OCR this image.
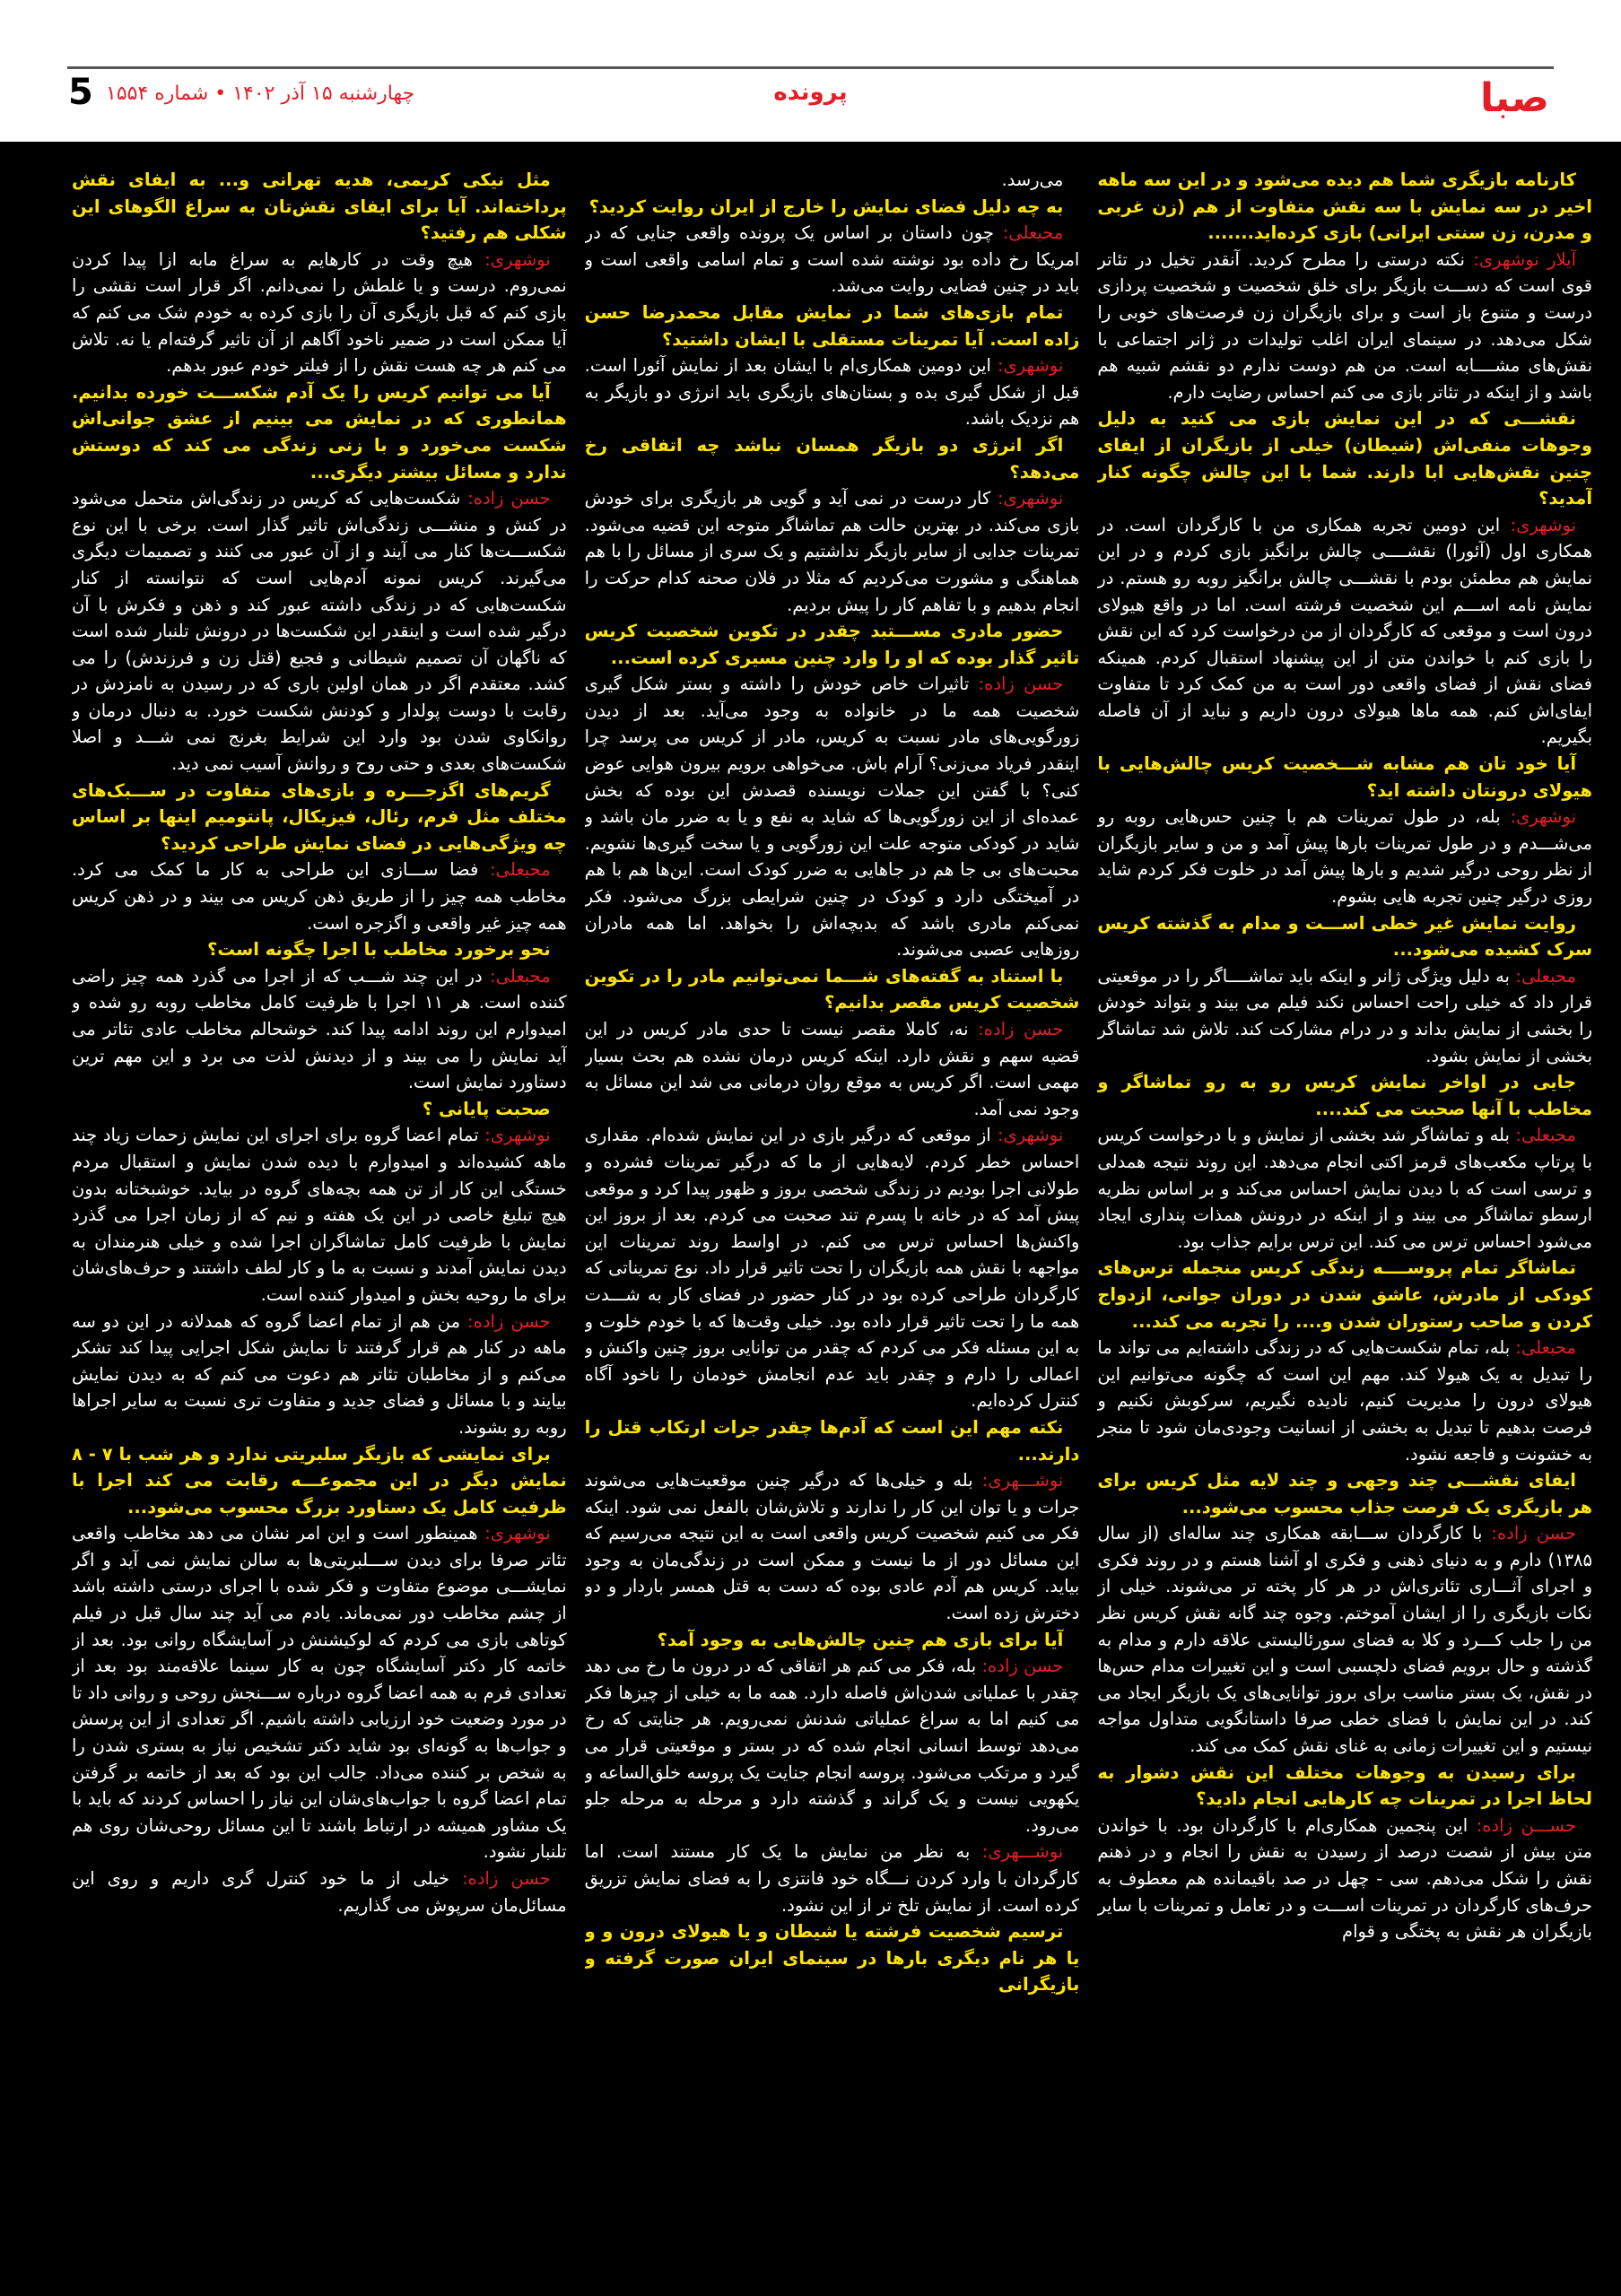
صبا
پرونده
چهارشنبه ۱۵ آذر ۱۴۰۲ • شماره ۱۵۵۴
5

کارنامه بازیگری شما هم دیده می‌شود و در این سه ماهه اخیر در سه نمایش با سه نقش متفاوت از هم (زن غربی و مدرن، زن سنتی ایرانی) بازی کرده‌اید.......

آیلار نوشهری: نکته درستی را مطرح کردید. آنقدر تخیل در تئاتر قوی است که دســـت بازیگر برای خلق شخصیت و شخصیت پردازی درست و متنوع باز است و برای بازیگران زن فرصت‌های خوبی را شکل می‌دهد. در سینمای ایران اغلب تولیدات در ژانر اجتماعی با نقش‌های مشــــابه است. من هم دوست ندارم دو نقشم شبیه هم باشد و از اینکه در تئاتر بازی می کنم احساس رضایت دارم.

نقشـــی که در این نمایش بازی می کنید به دلیل وجوهات منفی‌اش (شیطان) خیلی از بازیگران از ایفای چنین نقش‌هایی ابا دارند. شما با این چالش چگونه کنار آمدید؟

نوشهری: این دومین تجربه همکاری من با کارگردان است. در همکاری اول (آئورا) نقشــــی چالش برانگیز بازی کردم و در این نمایش هم مطمئن بودم با نقشـــی چالش برانگیز روبه رو هستم. در نمایش نامه اســـم این شخصیت فرشته است. اما در واقع هیولای درون است و موقعی که کارگردان از من درخواست کرد که این نقش را بازی کنم با خواندن متن از این پیشنهاد استقبال کردم. همینکه فضای نقش از فضای واقعی دور است به من کمک کرد تا متفاوت ایفای‌اش کنم. همه ماها هیولای درون داریم و نباید از آن فاصله بگیریم.

آیا خود تان هم مشابه شـــخصیت کریس چالش‌هایی با هیولای درونتان داشته اید؟

نوشهری: بله، در طول تمرینات هم با چنین حس‌هایی روبه رو می‌شـــدم و در طول تمرینات بارها پیش آمد و من و سایر بازیگران از نظر روحی درگیر شدیم و بارها پیش آمد در خلوت فکر کردم شاید روزی درگیر چنین تجربه هایی بشوم.

روایت نمایش غیر خطی اســـت و مدام به گذشته کریس سرک کشیده می‌شود...

محبعلی: به دلیل ویژگی ژانر و اینکه باید تماشــــاگر را در موقعیتی قرار داد که خیلی راحت احساس نکند فیلم می بیند و بتواند خودش را بخشی از نمایش بداند و در درام مشارکت کند. تلاش شد تماشاگر بخشی از نمایش بشود.

جایی در اواخر نمایش کریس رو به رو تماشاگر و مخاطب با آنها صحبت می کند....

محبعلی: بله و تماشاگر شد بخشی از نمایش و با درخواست کریس با پرتاپ مکعب‌های قرمز اکتی انجام می‌دهد. این روند نتیجه همدلی و ترسی است که با دیدن نمایش احساس می‌کند و بر اساس نظریه ارسطو تماشاگر می بیند و از اینکه در درونش همذات پنداری ایجاد می‌شود احساس ترس می کند. این ترس برایم جذاب بود.

تماشاگر تمام پروســــه زندگی کریس منجمله ترس‌های کودکی از مادرش، عاشق شدن در دوران جوانی، ازدواج کردن و صاحب رستوران شدن و.... را تجربه می کند...

محبعلی: بله، تمام شکست‌هایی که در زندگی داشته‌ایم می تواند ما را تبدیل به یک هیولا کند. مهم این است که چگونه می‌توانیم این هیولای درون را مدیریت کنیم، نادیده نگیریم، سرکوبش نکنیم و فرصت بدهیم تا تبدیل به بخشی از انسانیت وجودی‌مان شود تا منجر به خشونت و فاجعه نشود.

ایفای نقشـــی چند وجهی و چند لایه مثل کریس برای هر بازیگری یک فرصت جذاب محسوب می‌شود...

حسن زاده: با کارگردان ســـابقه همکاری چند ساله‌ای (از سال ۱۳۸۵) دارم و به دنیای ذهنی و فکری او آشنا هستم و در روند فکری و اجرای آثـــاری تئاتری‌اش در هر کار پخته تر می‌شوند. خیلی از نکات بازیگری را از ایشان آموختم. وجوه چند گانه نقش کریس نظر من را جلب کـــرد و کلا به فضای سورئالیستی علاقه دارم و مدام به گذشته و حال برویم فضای دلچسبی است و این تغییرات مدام حس‌ها در نقش، یک بستر مناسب برای بروز توانایی‌های یک بازیگر ایجاد می کند. در این نمایش با فضای خطی صرفا داستانگویی متداول مواجه نیستیم و این تغییرات زمانی به غنای نقش کمک می کند.

برای رسیدن به وجوهات مختلف این نقش دشوار به لحاظ اجرا در تمرینات چه کارهایی انجام دادید؟

حســـن زاده: این پنجمین همکاری‌ام با کارگردان بود. با خواندن متن بیش از شصت درصد از رسیدن به نقش را انجام و در ذهنم نقش را شکل می‌دهم. سی - چهل در صد باقیمانده هم معطوف به حرف‌های کارگردان در تمرینات اســـت و در تعامل و تمرینات با سایر بازیگران هر نقش به پختگی و قوام

می‌رسد.

به چه دلیل فضای نمایش را خارج از ایران روایت کردید؟

محبعلی: چون داستان بر اساس یک پرونده واقعی جنایی که در امریکا رخ داده بود نوشته شده است و تمام اسامی واقعی است و باید در چنین فضایی روایت می‌شد.

تمام بازی‌های شما در نمایش مقابل محمدرضا حسن زاده است. آیا تمرینات مستقلی با ایشان داشتید؟

نوشهری: این دومین همکاری‌ام با ایشان بعد از نمایش آئورا است. قبل از شکل گیری بده و بستان‌های بازیگری باید انرژی دو بازیگر به هم نزدیک باشد.

اگر انرژی دو بازیگر همسان نباشد چه اتفاقی رخ می‌دهد؟

نوشهری: کار درست در نمی آید و گویی هر بازیگری برای خودش بازی می‌کند. در بهترین حالت هم تماشاگر متوجه این قضیه می‌شود. تمرینات جدایی از سایر بازیگر نداشتیم و یک سری از مسائل را با هم هماهنگی و مشورت می‌کردیم که مثلا در فلان صحنه کدام حرکت را انجام بدهیم و با تفاهم کار را پیش بردیم.

حضور مادری مســـتبد چقدر در تکوین شخصیت کریس تاثیر گذار بوده که او را وارد چنین مسیری کرده است...

حسن زاده: تاثیرات خاص خودش را داشته و بستر شکل گیری شخصیت همه ما در خانواده به وجود می‌آید. بعد از دیدن زورگویی‌های مادر نسبت به کریس، مادر از کریس می پرسد چرا اینقدر فریاد می‌زنی؟ آرام باش. می‌خواهی برویم بیرون هوایی عوض کنی؟ با گفتن این جملات نویسنده قصدش این بوده که بخش عمده‌ای از این زورگویی‌ها که شاید به نفع و یا به ضرر مان باشد و شاید در کودکی متوجه علت این زورگویی و یا سخت گیری‌ها نشویم. محبت‌های بی جا هم در جاهایی به ضرر کودک است. این‌ها هم با هم در آمیختگی دارد و کودک در چنین شرایطی بزرگ می‌شود. فکر نمی‌کنم مادری باشد که بدبچه‌اش را بخواهد. اما همه مادران روزهایی عصبی می‌شوند.

با استناد به گفته‌های شـــما نمی‌توانیم مادر را در تکوین شخصیت کریس مقصر بدانیم؟

حسن زاده: نه، کاملا مقصر نیست تا حدی مادر کریس در این قضیه سهم و نقش دارد. اینکه کریس درمان نشده هم بحث بسیار مهمی است. اگر کریس به موقع روان درمانی می شد این مسائل به وجود نمی آمد.

نوشهری: از موقعی که درگیر بازی در این نمایش شده‌ام. مقداری احساس خطر کردم. لایه‌هایی از ما که درگیر تمرینات فشرده و طولانی اجرا بودیم در زندگی شخصی بروز و ظهور پیدا کرد و موقعی پیش آمد که در خانه با پسرم تند صحبت می کردم. بعد از بروز این واکنش‌ها احساس ترس می کنم. در اواسط روند تمرینات این مواجهه با نقش همه بازیگران را تحت تاثیر قرار داد. نوع تمریناتی که کارگردان طراحی کرده بود در کنار حضور در فضای کار به شـــدت همه ما را تحت تاثیر قرار داده بود. خیلی وقت‌ها که با خودم خلوت و به این مسئله فکر می کردم که چقدر من توانایی بروز چنین واکنش و اعمالی را دارم و چقدر باید عدم انجامش خودمان را ناخود آگاه کنترل کرده‌ایم.

نکته مهم این است که آدم‌ها چقدر جرات ارتکاب قتل را دارند...

نوشـــهری: بله و خیلی‌ها که درگیر چنین موقعیت‌هایی می‌شوند جرات و یا توان این کار را ندارند و تلاش‌شان بالفعل نمی شود. اینکه فکر می کنیم شخصیت کریس واقعی است به این نتیجه می‌رسیم که این مسائل دور از ما نیست و ممکن است در زندگی‌مان به وجود بیاید. کریس هم آدم عادی بوده که دست به قتل همسر باردار و دو دخترش زده است.

آیا برای بازی هم چنین چالش‌هایی به وجود آمد؟

حسن زاده: بله، فکر می کنم هر اتفاقی که در درون ما رخ می دهد چقدر با عملیاتی شدن‌اش فاصله دارد. همه ما به خیلی از چیزها فکر می کنیم اما به سراغ عملیاتی شدنش نمی‌رویم. هر جنایتی که رخ می‌دهد توسط انسانی انجام شده که در بستر و موقعیتی قرار می گیرد و مرتکب می‌شود. پروسه انجام جنایت یک پروسه خلق‌الساعه و یکهویی نیست و یک گراند و گذشته دارد و مرحله به مرحله جلو می‌رود.

نوشـــهری: به نظر من نمایش ما یک کار مستند است. اما کارگردان با وارد کردن نـــگاه خود فانتزی را به فضای نمایش تزریق کرده است. از نمایش تلخ تر از این نشود.

ترسیم شخصیت فرشته یا شیطان و یا هیولای درون و و یا هر نام دیگری بارها در سینمای ایران صورت گرفته و بازیگرانی

مثل نیکی کریمی، هدیه تهرانی و... به ایفای نقش پرداخته‌اند. آیا برای ایفای نقش‌تان به سراغ الگوهای این شکلی هم رفتید؟

نوشهری: هیچ وقت در کارهایم به سراغ مابه ازا پیدا کردن نمی‌روم. درست و یا غلطش را نمی‌دانم. اگر قرار است نقشی را بازی کنم که قبل بازیگری آن را بازی کرده به خودم شک می کنم که آیا ممکن است در ضمیر ناخود آگاهم از آن تاثیر گرفته‌ام یا نه. تلاش می کنم هر چه هست نقش را از فیلتر خودم عبور بدهم.

آیا می توانیم کریس را یک آدم شکســـت خورده بدانیم. همانطوری که در نمایش می بینیم از عشق جوانی‌اش شکست می‌خورد و با زنی زندگی می کند که دوستش ندارد و مسائل بیشتر دیگری...

حسن زاده: شکست‌هایی که کریس در زندگی‌اش متحمل می‌شود در کنش و منشـــی زندگی‌اش تاثیر گذار است. برخی با این نوع شکســـت‌ها کنار می آیند و از آن عبور می کنند و تصمیمات دیگری می‌گیرند. کریس نمونه آدم‌هایی است که نتوانسته از کنار شکست‌هایی که در زندگی داشته عبور کند و ذهن و فکرش با آن درگیر شده است و اینقدر این شکست‌ها در درونش تلنبار شده است که ناگهان آن تصمیم شیطانی و فجیع (قتل زن و فرزندش) را می کشد. معتقدم اگر در همان اولین باری که در رسیدن به نامزدش در رقابت با دوست پولدار و کودنش شکست خورد. به دنبال درمان و روانکاوی شدن بود وارد این شرایط بغرنج نمی شـــد و اصلا شکست‌های بعدی و حتی روح و روانش آسیب نمی دید.

گریم‌های اگزجـــره و بازی‌های متفاوت در ســـبک‌های مختلف مثل فرم، رئال، فیزیکال، پانتومیم اینها بر اساس چه ویژگی‌هایی در فضای نمایش طراحی کردید؟

محبعلی: فضا ســـازی این طراحی به کار ما کمک می کرد. مخاطب همه چیز را از طریق ذهن کریس می بیند و در ذهن کریس همه چیز غیر واقعی و اگزجره است.

نحو برخورد مخاطب با اجرا چگونه است؟

محبعلی: در این چند شـــب که از اجرا می گذرد همه چیز راضی کننده است. هر ۱۱ اجرا با ظرفیت کامل مخاطب روبه رو شده و امیدوارم این روند ادامه پیدا کند. خوشحالم مخاطب عادی تئاتر می آید نمایش را می بیند و از دیدنش لذت می برد و این مهم ترین دستاورد نمایش است.

صحبت پایانی ؟

نوشهری: تمام اعضا گروه برای اجرای این نمایش زحمات زیاد چند ماهه کشیده‌اند و امیدوارم با دیده شدن نمایش و استقبال مردم خستگی این کار از تن همه بچه‌های گروه در بیاید. خوشبختانه بدون هیچ تبلیغ خاصی در این یک هفته و نیم که از زمان اجرا می گذرد نمایش با ظرفیت کامل تماشاگران اجرا شده و خیلی هنرمندان به دیدن نمایش آمدند و نسبت به ما و کار لطف داشتند و حرف‌های‌شان برای ما روحیه بخش و امیدوار کننده است.

حسن زاده: من هم از تمام اعضا گروه که همدلانه در این دو سه ماهه در کنار هم قرار گرفتند تا نمایش شکل اجرایی پیدا کند تشکر می‌کنم و از مخاطبان تئاتر هم دعوت می کنم که به دیدن نمایش بیایند و با مسائل و فضای جدید و متفاوت تری نسبت به سایر اجراها روبه رو بشوند.

برای نمایشی که بازیگر سلبریتی ندارد و هر شب با ۷ - ۸ نمایش دیگر در این مجموعـــه رقابت می کند اجرا با ظرفیت کامل یک دستاورد بزرگ محسوب می‌شود...

نوشهری: همینطور است و این امر نشان می دهد مخاطب واقعی تئاتر صرفا برای دیدن ســـلبریتی‌ها به سالن نمایش نمی آید و اگر نمایشـــی موضوع متفاوت و فکر شده با اجرای درستی داشته باشد از چشم مخاطب دور نمی‌ماند. یادم می آید چند سال قبل در فیلم کوتاهی بازی می کردم که لوکیشنش در آسایشگاه روانی بود. بعد از خاتمه کار دکتر آسایشگاه چون به کار سینما علاقه‌مند بود بعد از تعدادی فرم به همه اعضا گروه درباره ســـنجش روحی و روانی داد تا در مورد وضعیت خود ارزیابی داشته باشیم. اگر تعدادی از این پرسش و جواب‌ها به گونه‌ای بود شاید دکتر تشخیص نیاز به بستری شدن را به شخص بر کننده می‌داد. جالب این بود که بعد از خاتمه بر گرفتن تمام اعضا گروه با جواب‌های‌شان این نیاز را احساس کردند که باید با یک مشاور همیشه در ارتباط باشند تا این مسائل روحی‌شان روی هم تلنبار نشود.

حسن زاده: خیلی از ما خود کنترل گری داریم و روی این مسائل‌مان سرپوش می گذاریم.
